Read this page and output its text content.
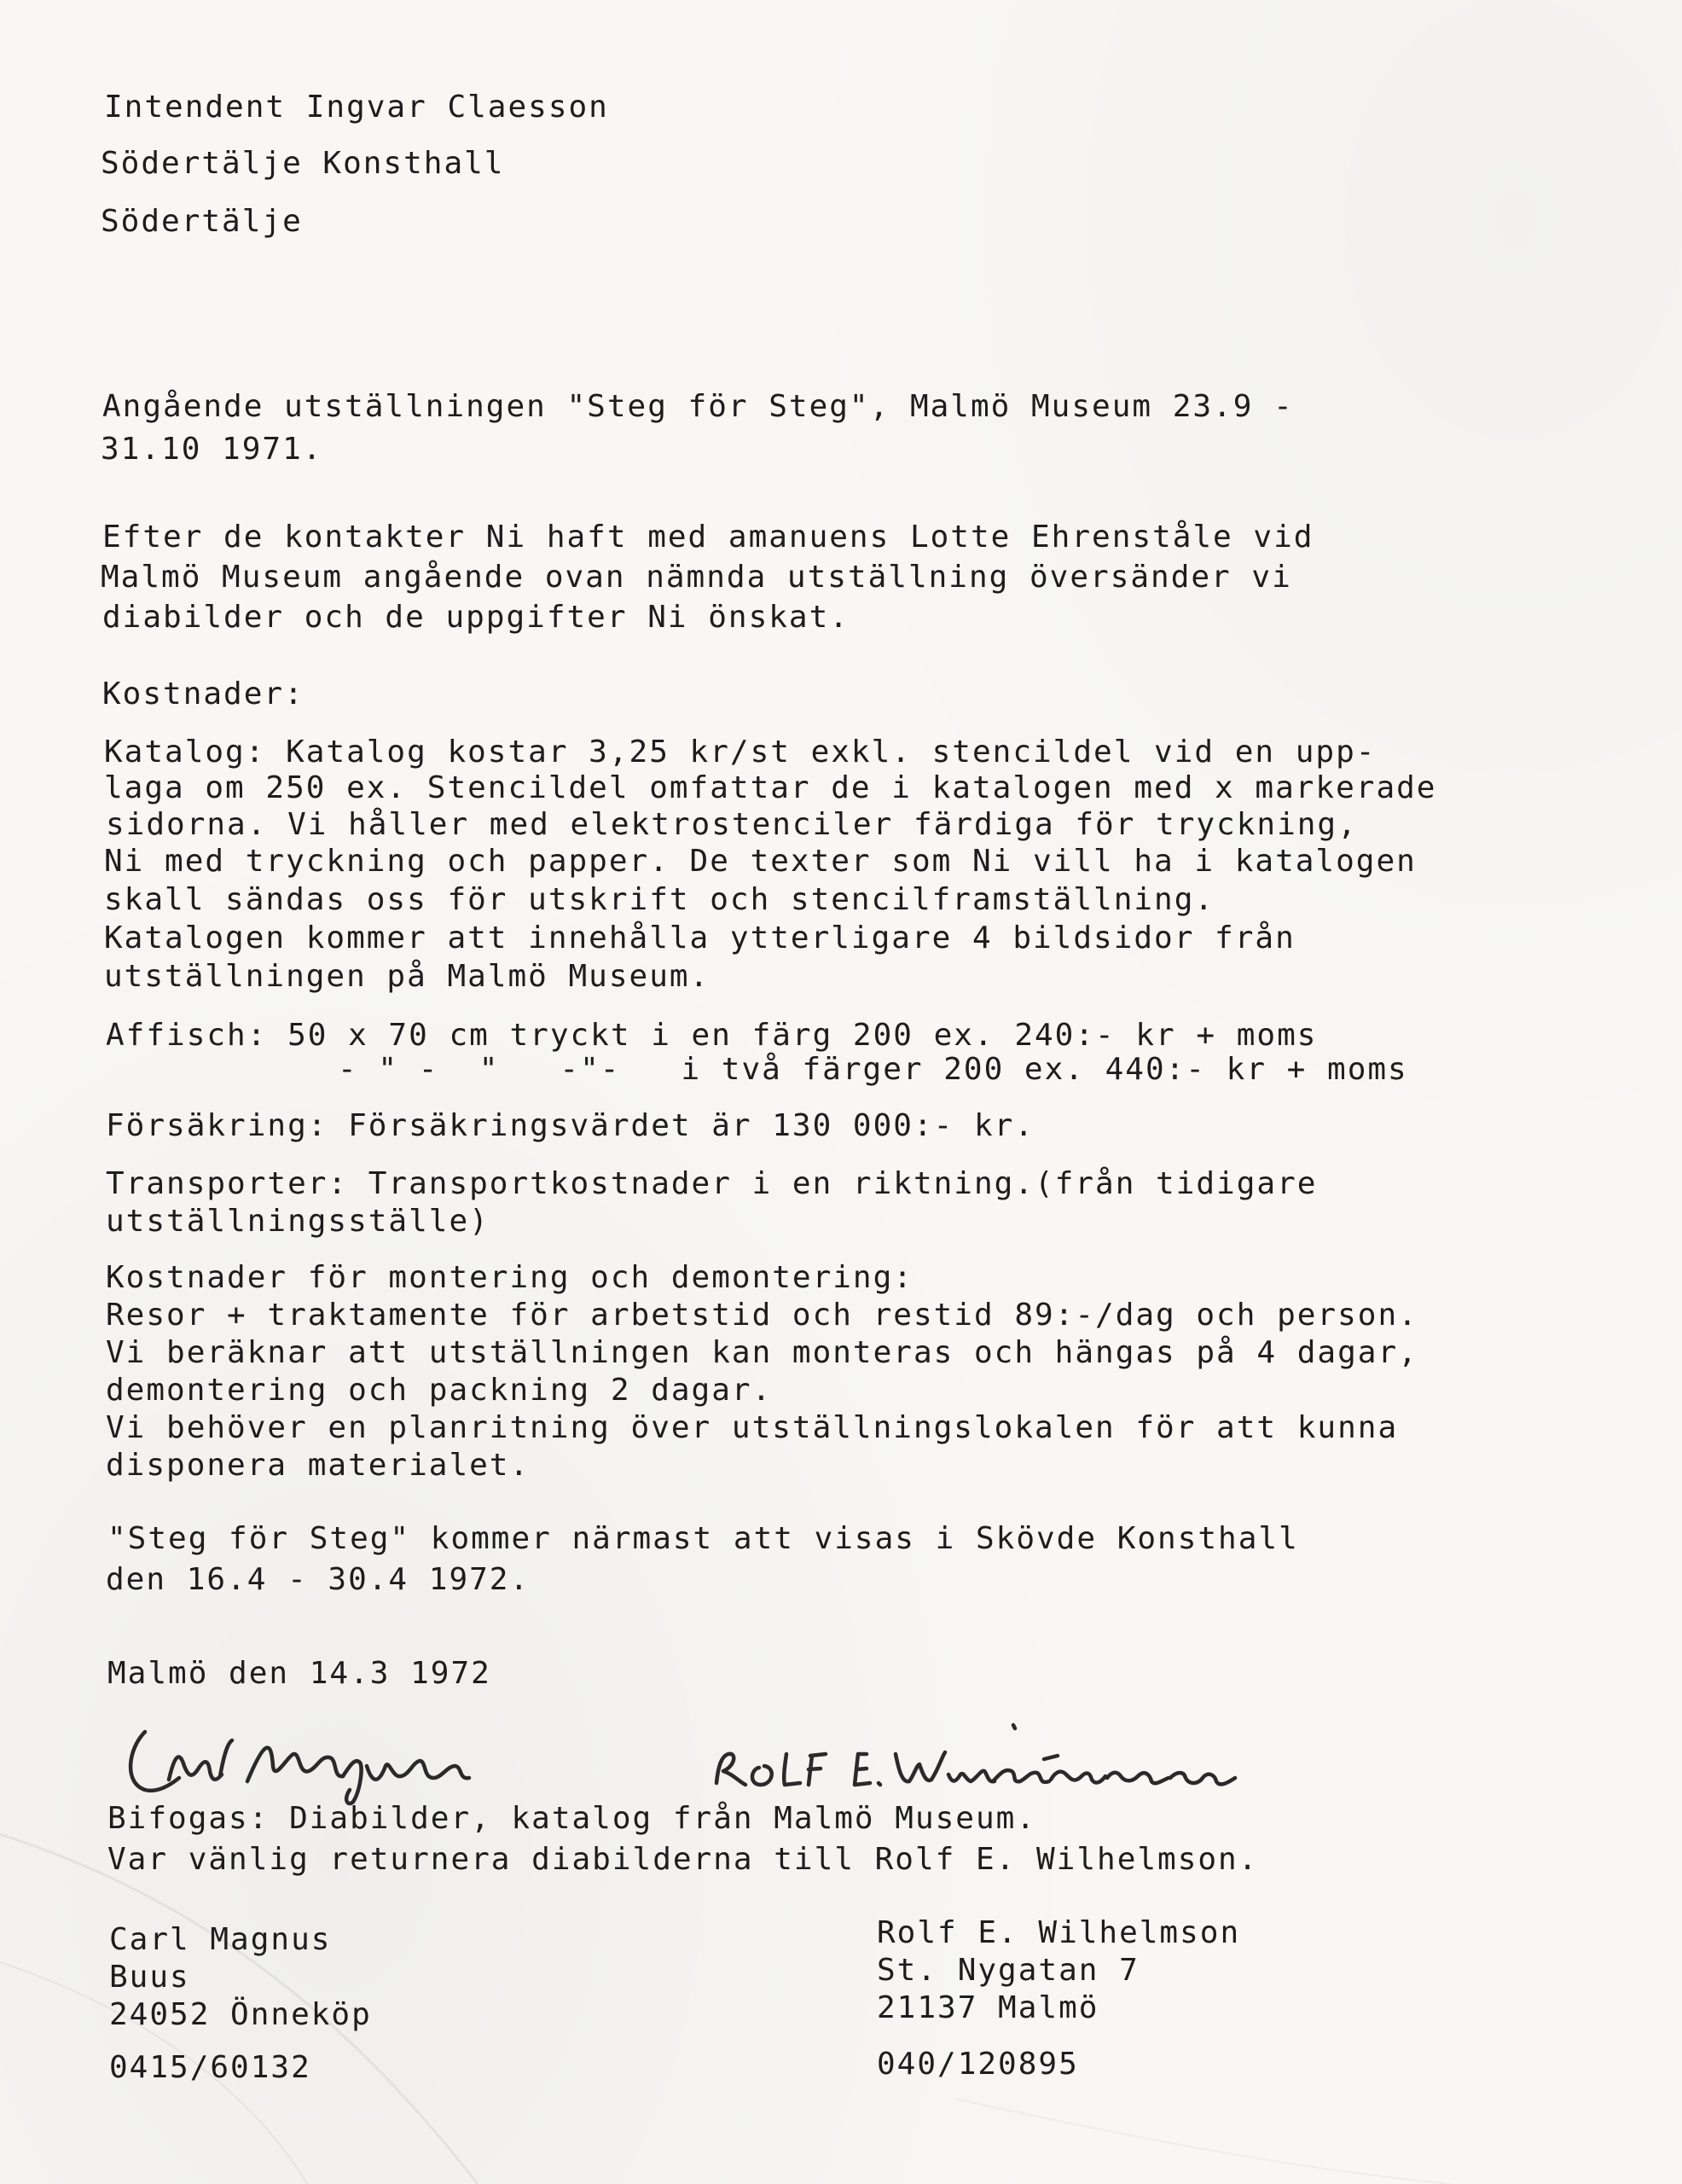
Intendent Ingvar Claesson
Södertälje Konsthall
Södertälje
Angående utställningen "Steg för Steg", Malmö Museum 23.9 -
31.10 1971.
Efter de kontakter Ni haft med amanuens Lotte Ehrenståle vid
Malmö Museum angående ovan nämnda utställning översänder vi
diabilder och de uppgifter Ni önskat.
Kostnader:
Katalog: Katalog kostar 3,25 kr/st exkl. stencildel vid en upp-
laga om 250 ex. Stencildel omfattar de i katalogen med x markerade
sidorna. Vi håller med elektrostenciler färdiga för tryckning,
Ni med tryckning och papper. De texter som Ni vill ha i katalogen
skall sändas oss för utskrift och stencilframställning.
Katalogen kommer att innehålla ytterligare 4 bildsidor från
utställningen på Malmö Museum.
Affisch: 50 x 70 cm tryckt i en färg 200 ex. 240:- kr + moms
- " -  "   -"-   i två färger 200 ex. 440:- kr + moms
Försäkring: Försäkringsvärdet är 130 000:- kr.
Transporter: Transportkostnader i en riktning.(från tidigare
utställningsställe)
Kostnader för montering och demontering:
Resor + traktamente för arbetstid och restid 89:-/dag och person.
Vi beräknar att utställningen kan monteras och hängas på 4 dagar,
demontering och packning 2 dagar.
Vi behöver en planritning över utställningslokalen för att kunna
disponera materialet.
"Steg för Steg" kommer närmast att visas i Skövde Konsthall
den 16.4 - 30.4 1972.
Malmö den 14.3 1972
Bifogas: Diabilder, katalog från Malmö Museum.
Var vänlig returnera diabilderna till Rolf E. Wilhelmson.
Carl Magnus
Buus
24052 Önneköp
0415/60132
Rolf E. Wilhelmson
St. Nygatan 7
21137 Malmö
040/120895
